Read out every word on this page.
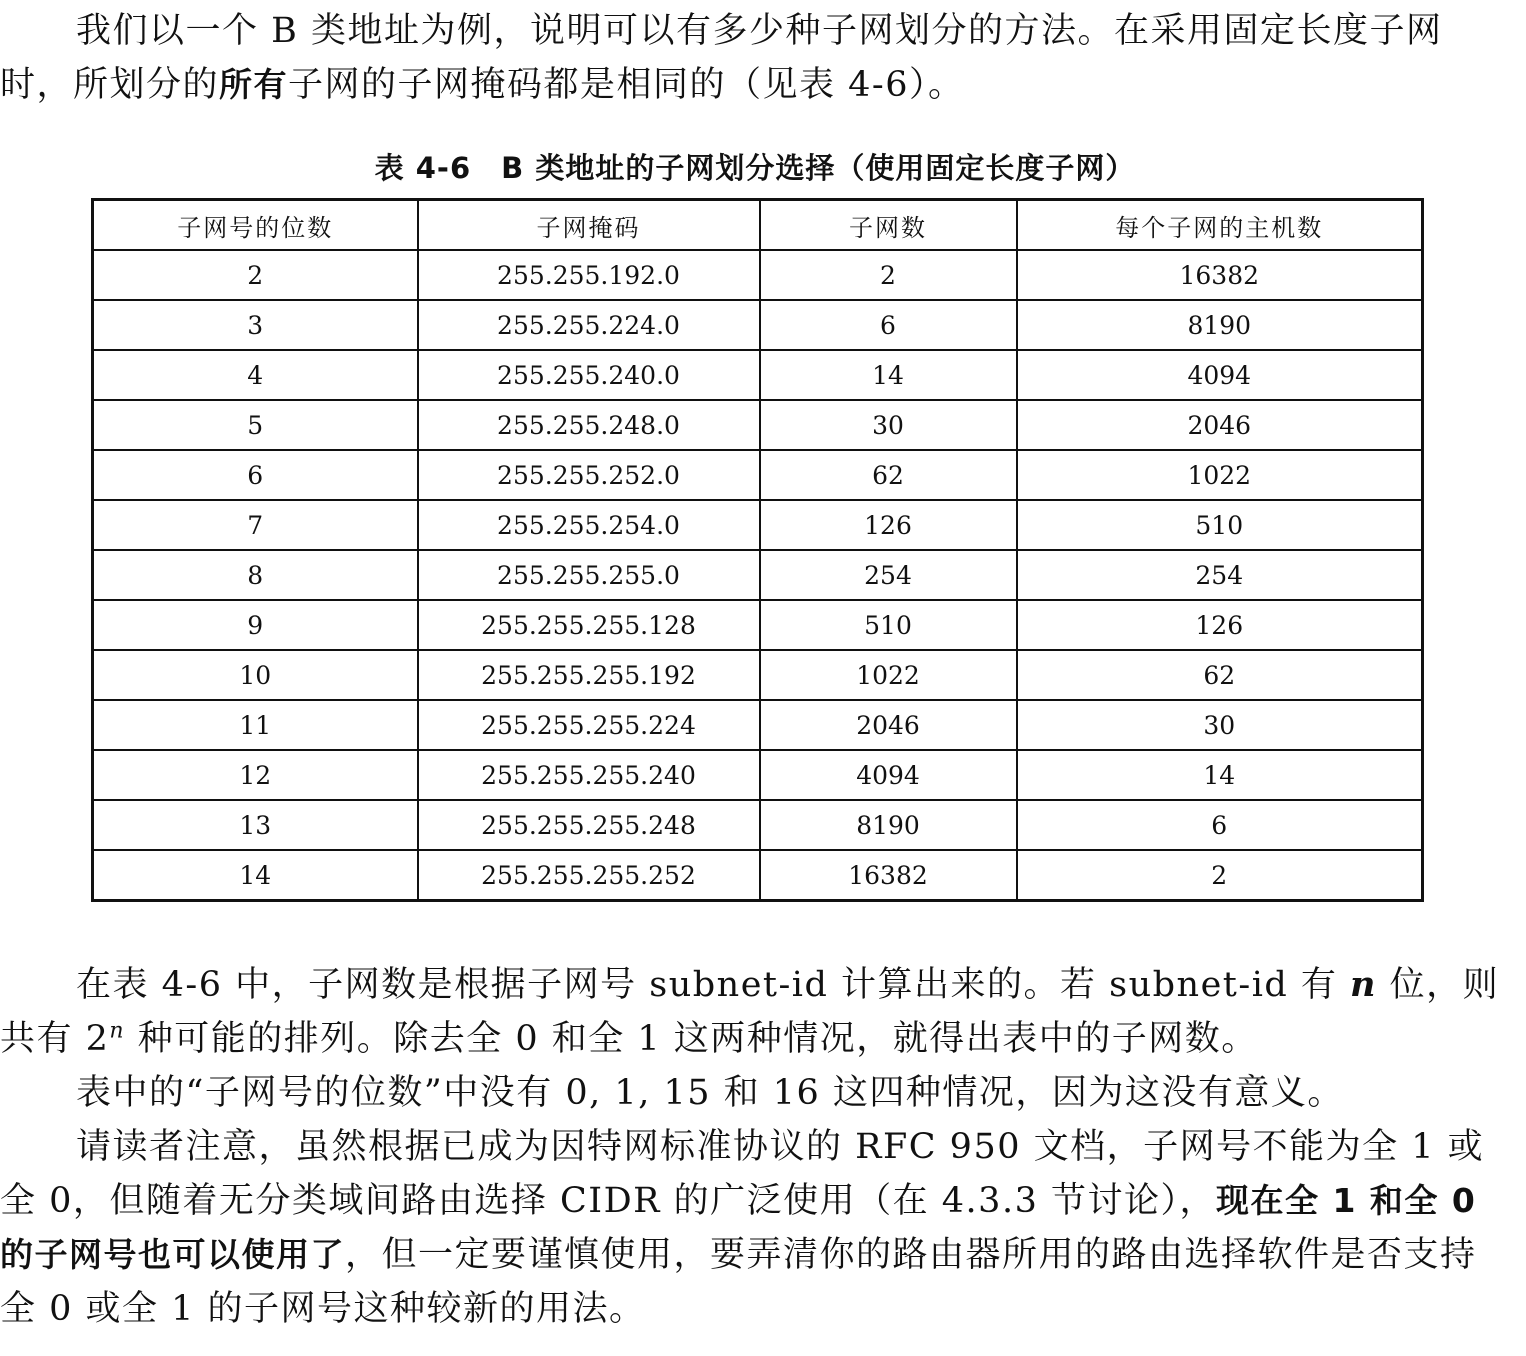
我们以一个 B 类地址为例，说明可以有多少种子网划分的方法。在采用固定长度子网时，所划分的所有子网的子网掩码都是相同的（见表 4-6）。

表 4-6　B 类地址的子网划分选择（使用固定长度子网）
子网号的位数	子网掩码	子网数	每个子网的主机数
2	255.255.192.0	2	16382
3	255.255.224.0	6	8190
4	255.255.240.0	14	4094
5	255.255.248.0	30	2046
6	255.255.252.0	62	1022
7	255.255.254.0	126	510
8	255.255.255.0	254	254
9	255.255.255.128	510	126
10	255.255.255.192	1022	62
11	255.255.255.224	2046	30
12	255.255.255.240	4094	14
13	255.255.255.248	8190	6
14	255.255.255.252	16382	2

在表 4-6 中，子网数是根据子网号 subnet-id 计算出来的。若 subnet-id 有 n 位，则共有 2$^n$ 种可能的排列。除去全 0 和全 1 这两种情况，就得出表中的子网数。

表中的“子网号的位数”中没有 0, 1, 15 和 16 这四种情况，因为这没有意义。

请读者注意，虽然根据已成为因特网标准协议的 RFC 950 文档，子网号不能为全 1 或全 0，但随着无分类域间路由选择 CIDR 的广泛使用（在 4.3.3 节讨论），现在全 1 和全 0 的子网号也可以使用了，但一定要谨慎使用，要弄清你的路由器所用的路由选择软件是否支持全 0 或全 1 的子网号这种较新的用法。
